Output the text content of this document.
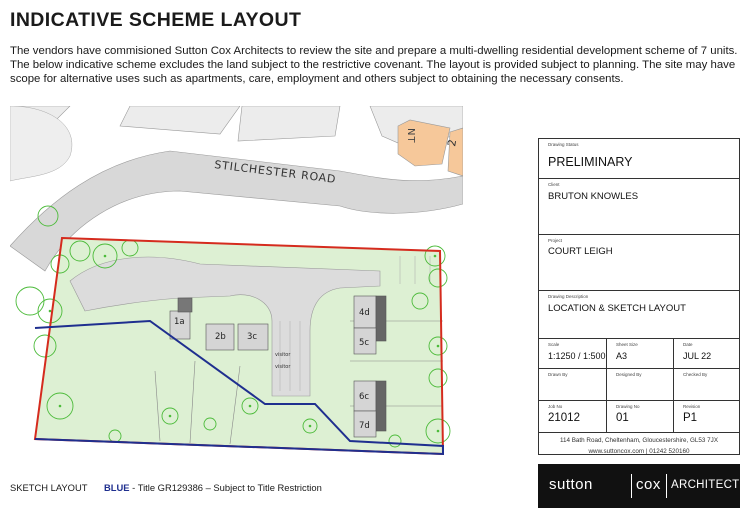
INDICATIVE SCHEME LAYOUT
The vendors have commisioned Sutton Cox Architects to review the site and prepare a multi-dwelling residential development scheme of 7 units. The below indicative scheme excludes the land subject to the restrictive covenant. The layout is provided subject to planning. The site may have scope for alternative uses such as apartments, care, employment and others subject to obtaining the necessary consents.
2
NT
STILCHESTER ROAD
visitor
visitor
1a
2b 3c
4d
5c
6c
7d
SKETCH LAYOUT BLUE - Title GR129386 – Subject to Title Restriction
Drawing Status
PRELIMINARY
Client
BRUTON KNOWLES
Project
COURT LEIGH
Drawing Description
LOCATION & SKETCH LAYOUT
Scale
1:1250 / 1:500
Sheet Size
A3
Date
JUL 22
Drawn By	Designed By	Checked By
Job No
21012
Drawing No
01
Revision
P1
114 Bath Road, Cheltenham, Gloucestershire, GL53 7JX
www.suttoncox.com | 01242 520160
sutton	cox ARCHITECTS
